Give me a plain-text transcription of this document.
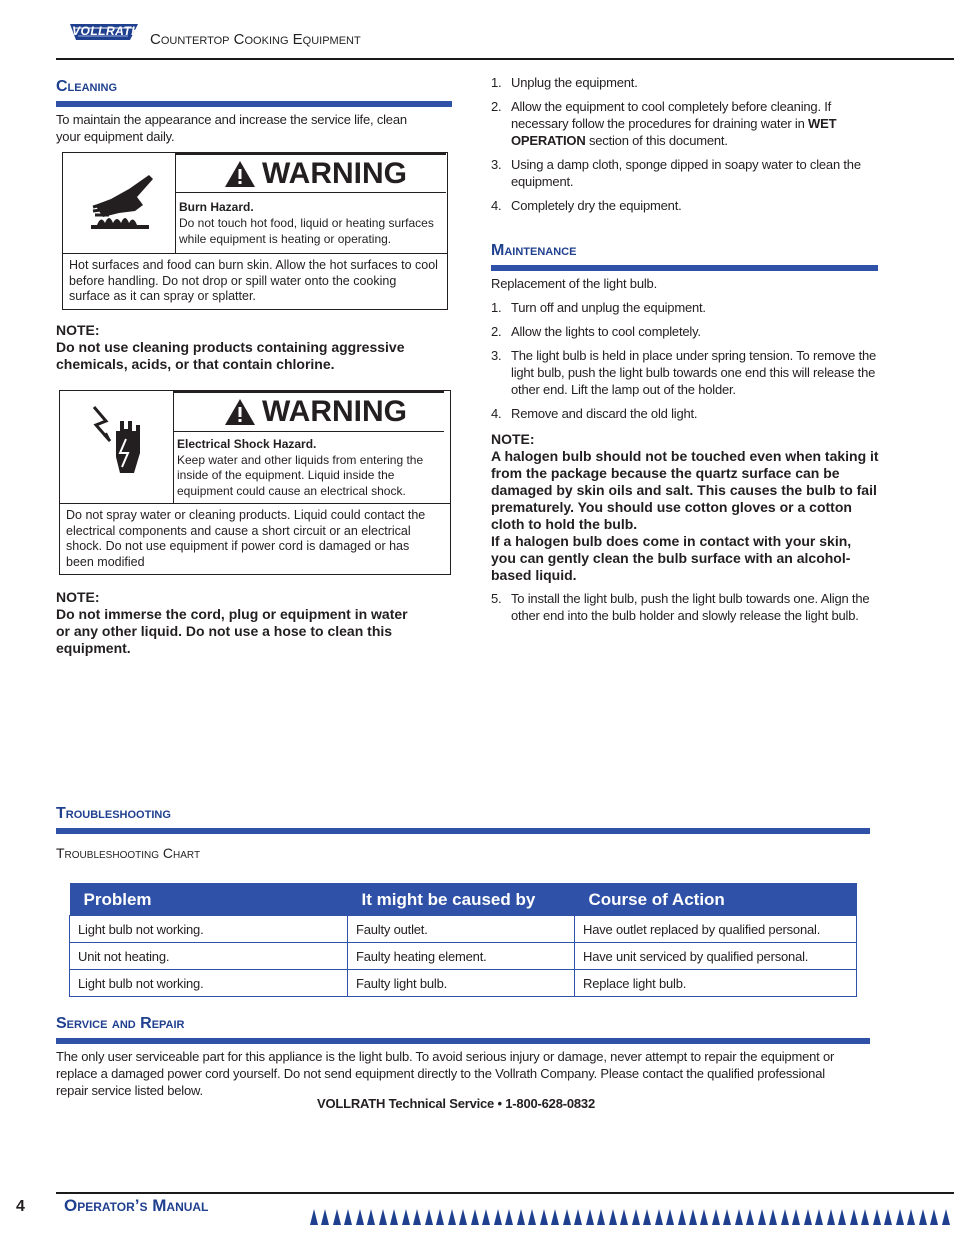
VOLLRATH Countertop Cooking Equipment
Cleaning
To maintain the appearance and increase the service life, clean your equipment daily.
WARNING
Burn Hazard.
Do not touch hot food, liquid or heating surfaces while equipment is heating or operating.
Hot surfaces and food can burn skin. Allow the hot surfaces to cool before handling. Do not drop or spill water onto the cooking surface as it can spray or splatter.
NOTE:
Do not use cleaning products containing aggressive chemicals, acids, or that contain chlorine.
WARNING
Electrical Shock Hazard.
Keep water and other liquids from entering the inside of the equipment. Liquid inside the equipment could cause an electrical shock.
Do not spray water or cleaning products. Liquid could contact the electrical components and cause a short circuit or an electrical shock. Do not use equipment if power cord is damaged or has been modified
NOTE:
Do not immerse the cord, plug or equipment in water or any other liquid. Do not use a hose to clean this equipment.
1. Unplug the equipment.
2. Allow the equipment to cool completely before cleaning. If necessary follow the procedures for draining water in WET OPERATION section of this document.
3. Using a damp cloth, sponge dipped in soapy water to clean the equipment.
4. Completely dry the equipment.
Maintenance
Replacement of the light bulb.
1. Turn off and unplug the equipment.
2. Allow the lights to cool completely.
3. The light bulb is held in place under spring tension. To remove the light bulb, push the light bulb towards one end this will release the other end. Lift the lamp out of the holder.
4. Remove and discard the old light.
NOTE:
A halogen bulb should not be touched even when taking it from the package because the quartz surface can be damaged by skin oils and salt. This causes the bulb to fail prematurely. You should use cotton gloves or a cotton cloth to hold the bulb.
If a halogen bulb does come in contact with your skin, you can gently clean the bulb surface with an alcohol-based liquid.
5. To install the light bulb, push the light bulb towards one. Align the other end into the bulb holder and slowly release the light bulb.
Troubleshooting
Troubleshooting Chart
Problem	It might be caused by	Course of Action
Light bulb not working.	Faulty outlet.	Have outlet replaced by qualified personal.
Unit not heating.	Faulty heating element.	Have unit serviced by qualified personal.
Light bulb not working.	Faulty light bulb.	Replace light bulb.
Service and Repair
The only user serviceable part for this appliance is the light bulb. To avoid serious injury or damage, never attempt to repair the equipment or replace a damaged power cord yourself. Do not send equipment directly to the Vollrath Company. Please contact the qualified professional repair service listed below.
VOLLRATH Technical Service • 1-800-628-0832
4 Operator’s Manual
